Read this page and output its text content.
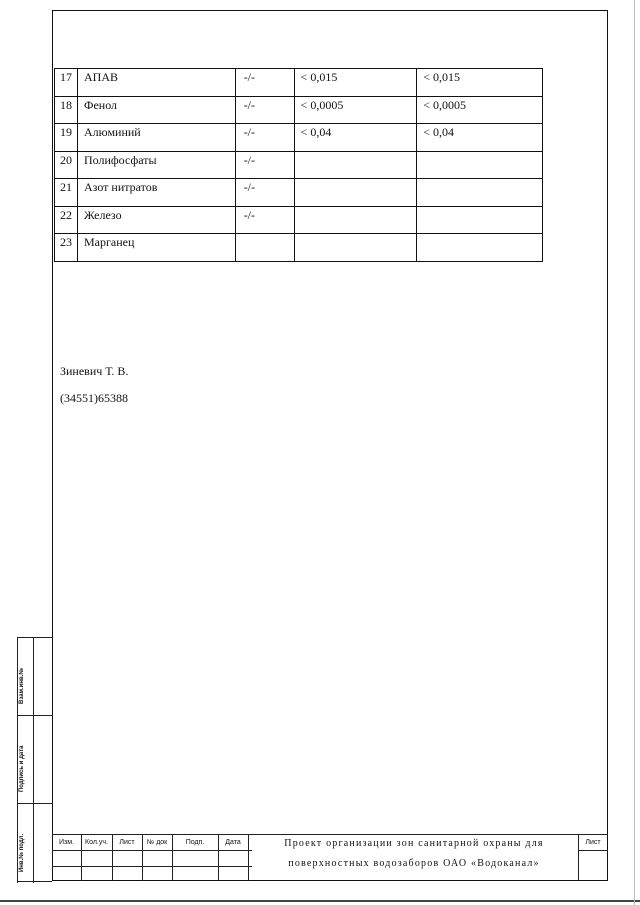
17	АПАВ	-/-	< 0,015	< 0,015
18	Фенол	-/-	< 0,0005	< 0,0005
19	Алюминий	-/-	< 0,04	< 0,04
20	Полифосфаты	-/-		
21	Азот нитратов	-/-		
22	Железо	-/-		
23	Марганец			
Зиневич Т. В.
(34551)65388
Взам.инв.№
Подпись и дата
Инв.№ подл.	Изм.	Кол.уч.	Лист	№ док	Подп.	Дата	Проект организации зон санитарной охраны для
поверхностных водозаборов ОАО «Водоканал»
Лист
